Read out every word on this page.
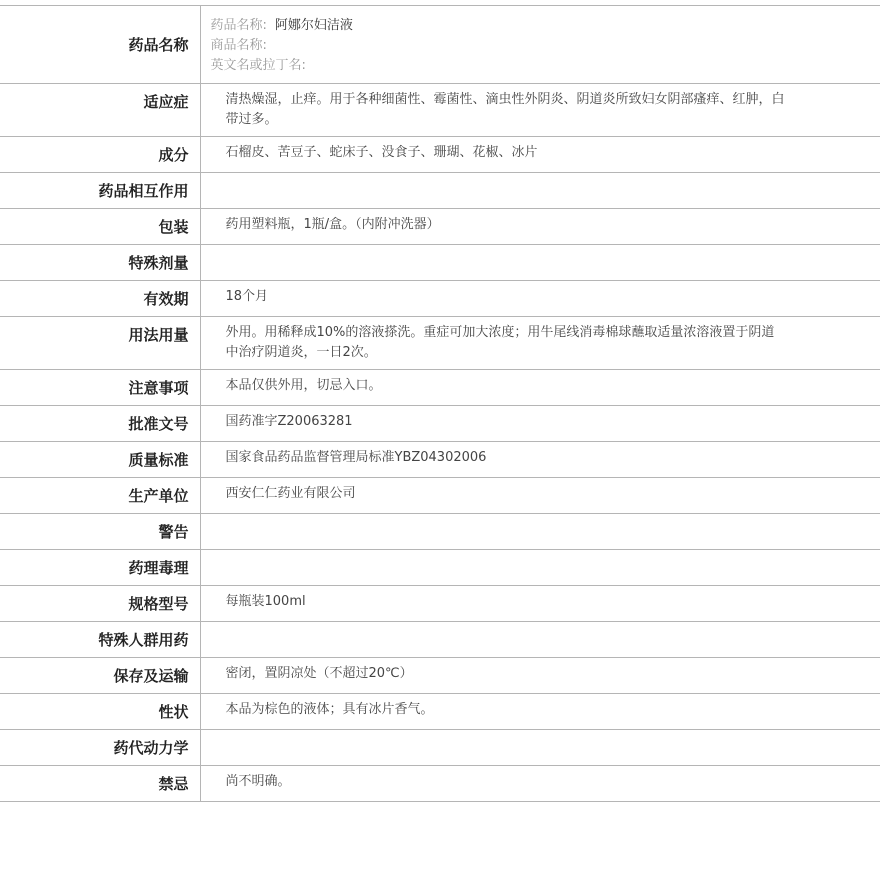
药品名称	药品名称: 阿娜尔妇洁液
商品名称:
英文名或拉丁名:

适应症	清热燥湿，止痒。用于各种细菌性、霉菌性、滴虫性外阴炎、阴道炎所致妇女阴部瘙痒、红肿，白带过多。

成分	石榴皮、苦豆子、蛇床子、没食子、珊瑚、花椒、冰片
药品相互作用	
包装	药用塑料瓶，1瓶/盒。（内附冲洗器）
特殊剂量	
有效期	18个月
用法用量	外用。用稀释成10%的溶液搽洗。重症可加大浓度；用牛尾线消毒棉球蘸取适量浓溶液置于阴道中治疗阴道炎，一日2次。

注意事项	本品仅供外用，切忌入口。
批准文号	国药准字Z20063281
质量标准	国家食品药品监督管理局标准YBZ04302006
生产单位	西安仁仁药业有限公司
警告	
药理毒理	
规格型号	每瓶装100ml
特殊人群用药	
保存及运输	密闭，置阴凉处（不超过20℃）
性状	本品为棕色的液体；具有冰片香气。
药代动力学	
禁忌	尚不明确。
